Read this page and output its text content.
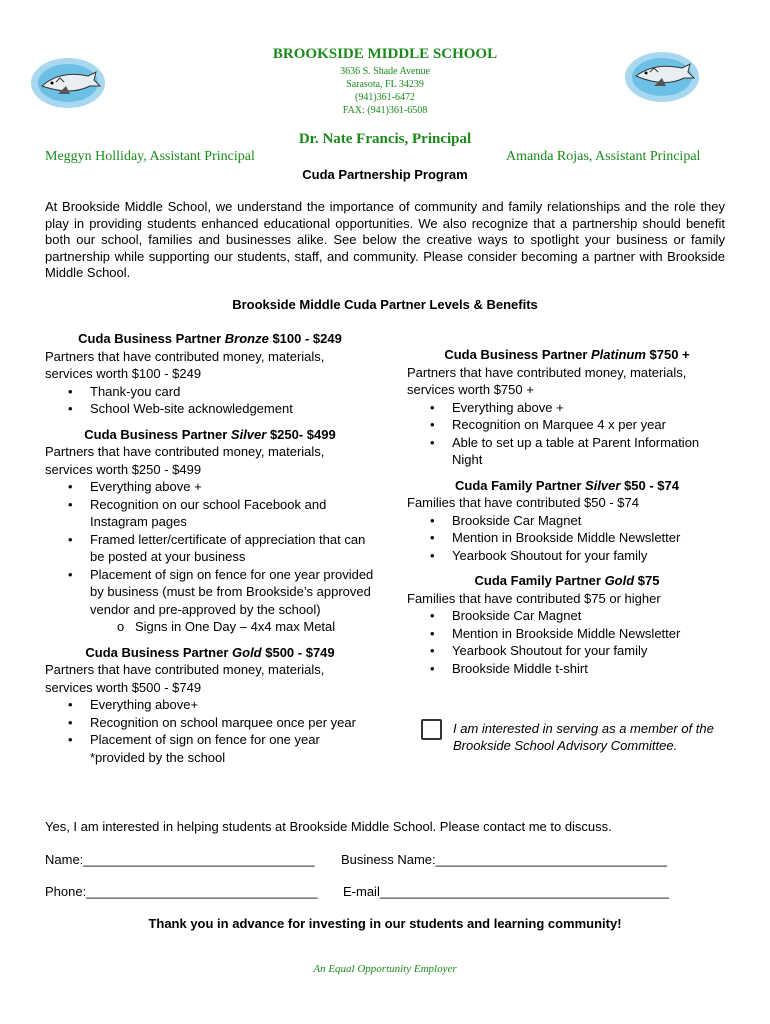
BROOKSIDE MIDDLE SCHOOL
3636 S. Shade Avenue
Sarasota, FL 34239
(941)361-6472
FAX: (941)361-6508
Dr. Nate Francis, Principal
Meggyn Holliday, Assistant Principal	Amanda Rojas, Assistant Principal
Cuda Partnership Program
At Brookside Middle School, we understand the importance of community and family relationships and the role they play in providing students enhanced educational opportunities. We also recognize that a partnership should benefit both our school, families and businesses alike. See below the creative ways to spotlight your business or family partnership while supporting our students, staff, and community. Please consider becoming a partner with Brookside Middle School.
Brookside Middle Cuda Partner Levels & Benefits
Cuda Business Partner Bronze $100 - $249
Partners that have contributed money, materials, services worth $100 - $249
• Thank-you card
• School Web-site acknowledgement
Cuda Business Partner Silver $250- $499
Partners that have contributed money, materials, services worth $250 - $499
• Everything above +
• Recognition on our school Facebook and Instagram pages
• Framed letter/certificate of appreciation that can be posted at your business
• Placement of sign on fence for one year provided by business (must be from Brookside’s approved vendor and pre-approved by the school)
o Signs in One Day – 4x4 max Metal
Cuda Business Partner Gold $500 - $749
Partners that have contributed money, materials, services worth $500 - $749
• Everything above+
• Recognition on school marquee once per year
• Placement of sign on fence for one year *provided by the school
Cuda Business Partner Platinum $750 +
Partners that have contributed money, materials, services worth $750 +
• Everything above +
• Recognition on Marquee 4 x per year
• Able to set up a table at Parent Information Night
Cuda Family Partner Silver $50 - $74
Families that have contributed $50 - $74
• Brookside Car Magnet
• Mention in Brookside Middle Newsletter
• Yearbook Shoutout for your family
Cuda Family Partner Gold $75
Families that have contributed $75 or higher
• Brookside Car Magnet
• Mention in Brookside Middle Newsletter
• Yearbook Shoutout for your family
• Brookside Middle t-shirt
I am interested in serving as a member of the Brookside School Advisory Committee.
Yes, I am interested in helping students at Brookside Middle School. Please contact me to discuss.
Name:________________________________ Business Name:________________________________
Phone:________________________________ E-mail________________________________________
Thank you in advance for investing in our students and learning community!
An Equal Opportunity Employer
